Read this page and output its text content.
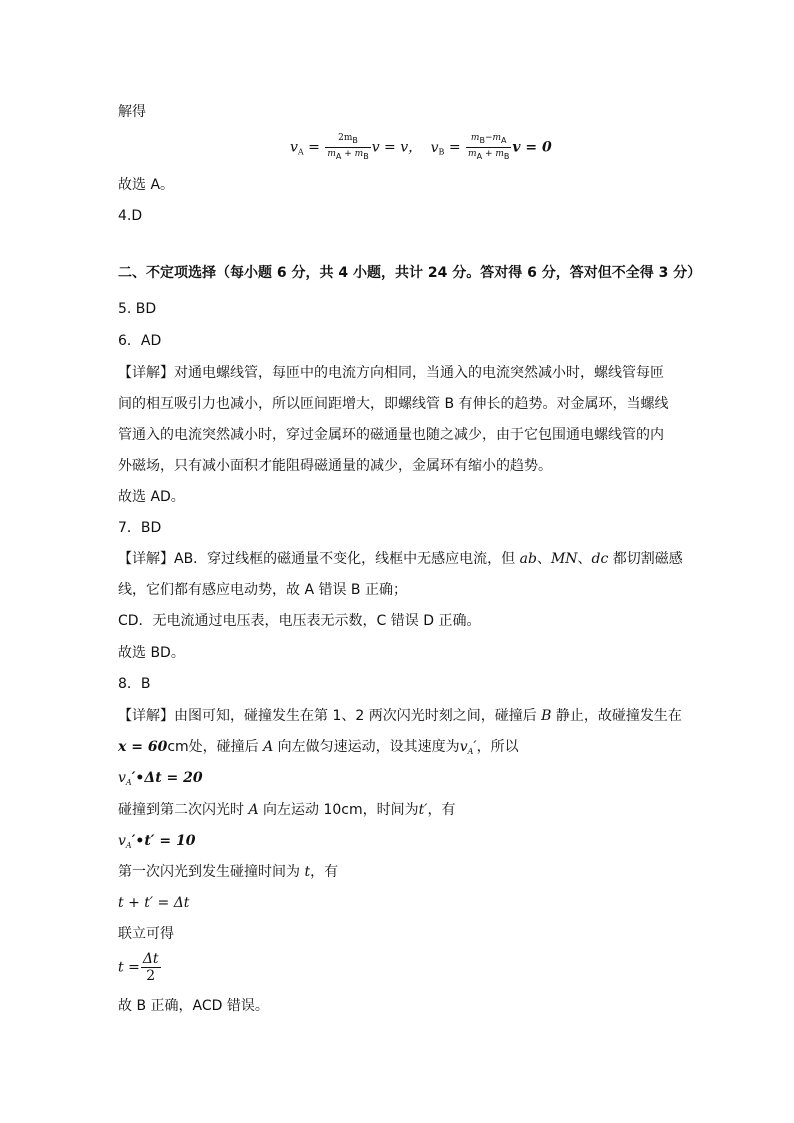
解得
$v_A = \frac{2mB}{mA + mB}$ v = v， $v_B = \frac{mB-mA}{mA + mB}$ v = 0
故选 A。
4.D
二、不定项选择（每小题 6 分，共 4 小题，共计 24 分。答对得 6 分，答对但不全得 3 分）
5. BD
6．AD
【详解】对通电螺线管，每匝中的电流方向相同，当通入的电流突然减小时，螺线管每匝
间的相互吸引力也减小，所以匝间距增大，即螺线管 B 有伸长的趋势。对金属环，当螺线
管通入的电流突然减小时，穿过金属环的磁通量也随之减少，由于它包围通电螺线管的内
外磁场，只有减小面积才能阻碍磁通量的减少，金属环有缩小的趋势。
故选 AD。
7．BD
【详解】AB．穿过线框的磁通量不变化，线框中无感应电流，但 ab、MN、dc 都切割磁感
线，它们都有感应电动势，故 A 错误 B 正确；
CD．无电流通过电压表，电压表无示数，C 错误 D 正确。
故选 BD。
8．B
【详解】由图可知，碰撞发生在第 1、2 两次闪光时刻之间，碰撞后 B 静止，故碰撞发生在
x = 60cm处，碰撞后 A 向左做匀速运动，设其速度为$v_A'$，所以
$v_A'•\Delta t = 20$
碰撞到第二次闪光时 A 向左运动 10cm，时间为t′，有
$v_A'•t' = 10$
第一次闪光到发生碰撞时间为 t，有
t + t′ = Δt
联立可得
$t = \frac{\Delta t}{2}$
故 B 正确，ACD 错误。
